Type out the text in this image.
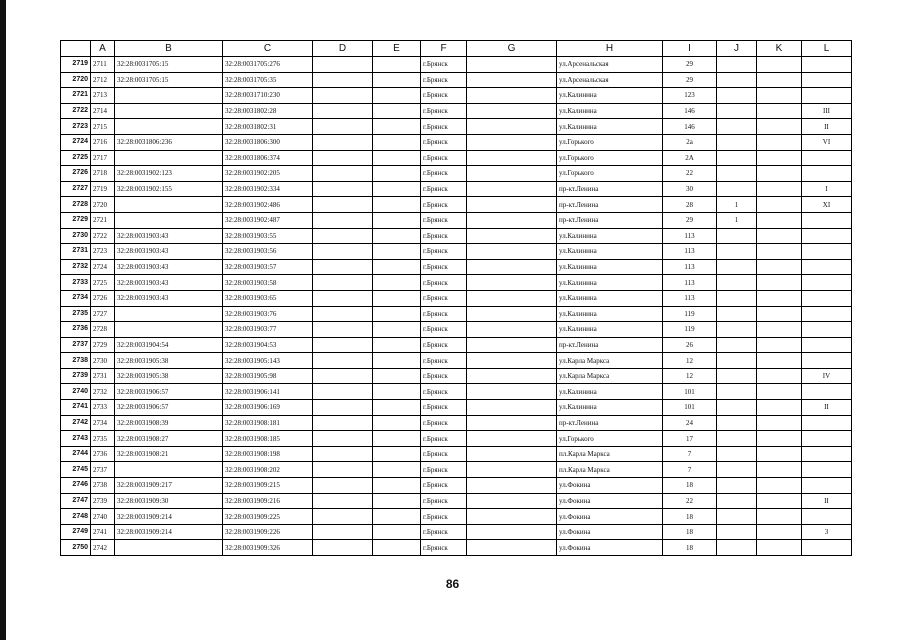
	A	B	C	D	E	F	G	H	I	J	K	L
2719	2711	32:28:0031705:15	32:28:0031705:276			г.Брянск		ул.Арсенальская	29			
2720	2712	32:28:0031705:15	32:28:0031705:35			г.Брянск		ул.Арсенальская	29			
2721	2713		32:28:0031710:230			г.Брянск		ул.Калинина	123			
2722	2714		32:28:0031802:28			г.Брянск		ул.Калинина	146			III
2723	2715		32:28:0031802:31			г.Брянск		ул.Калинина	146			II
2724	2716	32:28:0031806:236	32:28:0031806:300			г.Брянск		ул.Горького	2а			VI
2725	2717		32:28:0031806:374			г.Брянск		ул.Горького	2А			
2726	2718	32:28:0031902:123	32:28:0031902:205			г.Брянск		ул.Горького	22			
2727	2719	32:28:0031902:155	32:28:0031902:334			г.Брянск		пр-кт.Ленина	30			I
2728	2720		32:28:0031902:486			г.Брянск		пр-кт.Ленина	28	1		XI
2729	2721		32:28:0031902:487			г.Брянск		пр-кт.Ленина	29	1		
2730	2722	32:28:0031903:43	32:28:0031903:55			г.Брянск		ул.Калинина	113			
2731	2723	32:28:0031903:43	32:28:0031903:56			г.Брянск		ул.Калинина	113			
2732	2724	32:28:0031903:43	32:28:0031903:57			г.Брянск		ул.Калинина	113			
2733	2725	32:28:0031903:43	32:28:0031903:58			г.Брянск		ул.Калинина	113			
2734	2726	32:28:0031903:43	32:28:0031903:65			г.Брянск		ул.Калинина	113			
2735	2727		32:28:0031903:76			г.Брянск		ул.Калинина	119			
2736	2728		32:28:0031903:77			г.Брянск		ул.Калинина	119			
2737	2729	32:28:0031904:54	32:28:0031904:53			г.Брянск		пр-кт.Ленина	26			
2738	2730	32:28:0031905:38	32:28:0031905:143			г.Брянск		ул.Карла Маркса	12			
2739	2731	32:28:0031905:38	32:28:0031905:98			г.Брянск		ул.Карла Маркса	12			IV
2740	2732	32:28:0031906:57	32:28:0031906:141			г.Брянск		ул.Калинина	101			
2741	2733	32:28:0031906:57	32:28:0031906:169			г.Брянск		ул.Калинина	101			II
2742	2734	32:28:0031908:39	32:28:0031908:181			г.Брянск		пр-кт.Ленина	24			
2743	2735	32:28:0031908:27	32:28:0031908:185			г.Брянск		ул.Горького	17			
2744	2736	32:28:0031908:21	32:28:0031908:198			г.Брянск		пл.Карла Маркса	7			
2745	2737		32:28:0031908:202			г.Брянск		пл.Карла Маркса	7			
2746	2738	32:28:0031909:217	32:28:0031909:215			г.Брянск		ул.Фокина	18			
2747	2739	32:28:0031909:30	32:28:0031909:216			г.Брянск		ул.Фокина	22			II
2748	2740	32:28:0031909:214	32:28:0031909:225			г.Брянск		ул.Фокина	18			
2749	2741	32:28:0031909:214	32:28:0031909:226			г.Брянск		ул.Фокина	18			3
2750	2742		32:28:0031909:326			г.Брянск		ул.Фокина	18			
86
